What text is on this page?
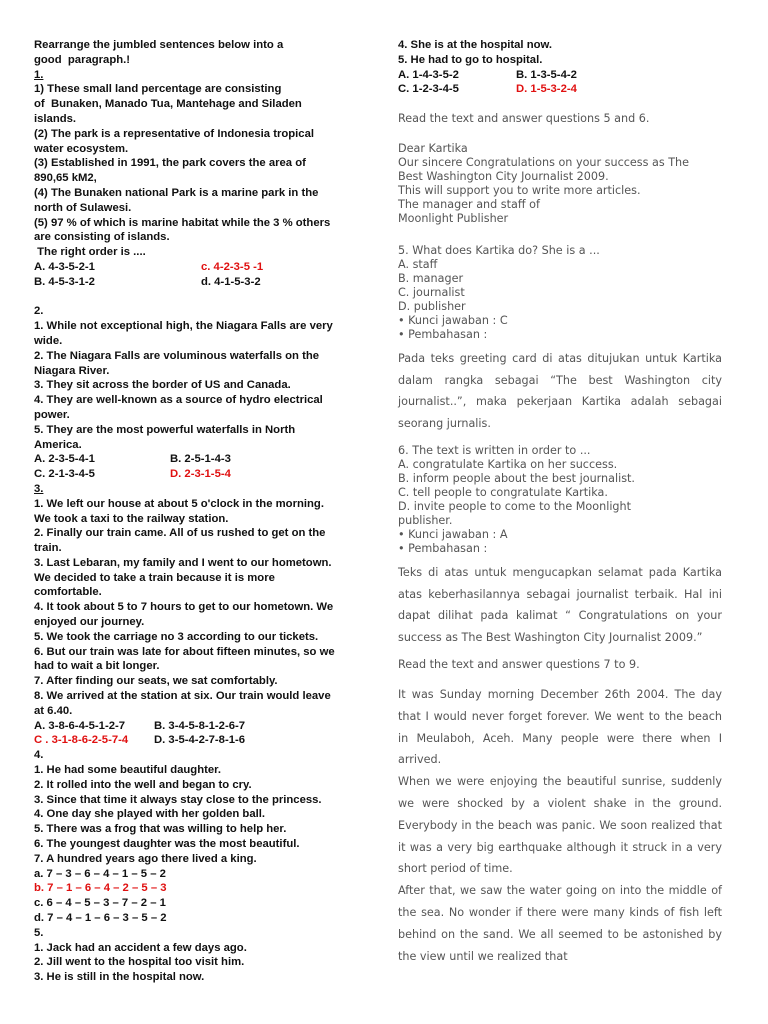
Rearrange the jumbled sentences below into a
good  paragraph.!
1.
1) These small land percentage are consisting
of  Bunaken, Manado Tua, Mantehage and Siladen
islands.
(2) The park is a representative of Indonesia tropical
water ecosystem.
(3) Established in 1991, the park covers the area of
890,65 kM2,
(4) The Bunaken national Park is a marine park in the
north of Sulawesi.
(5) 97 % of which is marine habitat while the 3 % others
are consisting of islands.
The right order is ....
A. 4-3-5-2-1	c. 4-2-3-5 -1
B. 4-5-3-1-2	d. 4-1-5-3-2
2.
1. While not exceptional high, the Niagara Falls are very
wide.
2. The Niagara Falls are voluminous waterfalls on the
Niagara River.
3. They sit across the border of US and Canada.
4. They are well-known as a source of hydro electrical
power.
5. They are the most powerful waterfalls in North
America.
A. 2-3-5-4-1	B. 2-5-1-4-3
C. 2-1-3-4-5	D. 2-3-1-5-4
3.
1. We left our house at about 5 o'clock in the morning.
We took a taxi to the railway station.
2. Finally our train came. All of us rushed to get on the
train.
3. Last Lebaran, my family and I went to our hometown.
We decided to take a train because it is more
comfortable.
4. It took about 5 to 7 hours to get to our hometown. We
enjoyed our journey.
5. We took the carriage no 3 according to our tickets.
6. But our train was late for about fifteen minutes, so we
had to wait a bit longer.
7. After finding our seats, we sat comfortably.
8. We arrived at the station at six. Our train would leave
at 6.40.
A. 3-8-6-4-5-1-2-7	B. 3-4-5-8-1-2-6-7
C . 3-1-8-6-2-5-7-4	D. 3-5-4-2-7-8-1-6
4.
1. He had some beautiful daughter.
2. It rolled into the well and began to cry.
3. Since that time it always stay close to the princess.
4. One day she played with her golden ball.
5. There was a frog that was willing to help her.
6. The youngest daughter was the most beautiful.
7. A hundred years ago there lived a king.
a. 7 – 3 – 6 – 4 – 1 – 5 – 2
b. 7 – 1 – 6 – 4 – 2 – 5 – 3
c. 6 – 4 – 5 – 3 – 7 – 2 – 1
d. 7 – 4 – 1 – 6 – 3 – 5 – 2
5.
1. Jack had an accident a few days ago.
2. Jill went to the hospital too visit him.
3. He is still in the hospital now.
4. She is at the hospital now.
5. He had to go to hospital.
A. 1-4-3-5-2	B. 1-3-5-4-2
C. 1-2-3-4-5	D. 1-5-3-2-4
Read the text and answer questions 5 and 6.
Dear Kartika
Our sincere Congratulations on your success as The
Best Washington City Journalist 2009.
This will support you to write more articles.
The manager and staff of
Moonlight Publisher
5. What does Kartika do? She is a ...
A. staff
B. manager
C. journalist
D. publisher
• Kunci jawaban : C
• Pembahasan :
Pada teks greeting card di atas ditujukan untuk Kartika dalam rangka sebagai “The best Washington city journalist..”, maka pekerjaan Kartika adalah sebagai seorang jurnalis.
6. The text is written in order to ...
A. congratulate Kartika on her success.
B. inform people about the best journalist.
C. tell people to congratulate Kartika.
D. invite people to come to the Moonlight
publisher.
• Kunci jawaban : A
• Pembahasan :
Teks di atas untuk mengucapkan selamat pada Kartika atas keberhasilannya sebagai journalist terbaik. Hal ini dapat dilihat pada kalimat “ Congratulations on your success as The Best Washington City Journalist 2009.”
Read the text and answer questions 7 to 9.

It was Sunday morning December 26th 2004. The day that I would never forget forever. We went to the beach in Meulaboh, Aceh. Many people were there when I arrived.

When we were enjoying the beautiful sunrise, suddenly we were shocked by a violent shake in the ground. Everybody in the beach was panic. We soon realized that it was a very big earthquake although it struck in a very short period of time.

After that, we saw the water going on into the middle of the sea. No wonder if there were many kinds of fish left behind on the sand. We all seemed to be astonished by the view until we realized that
